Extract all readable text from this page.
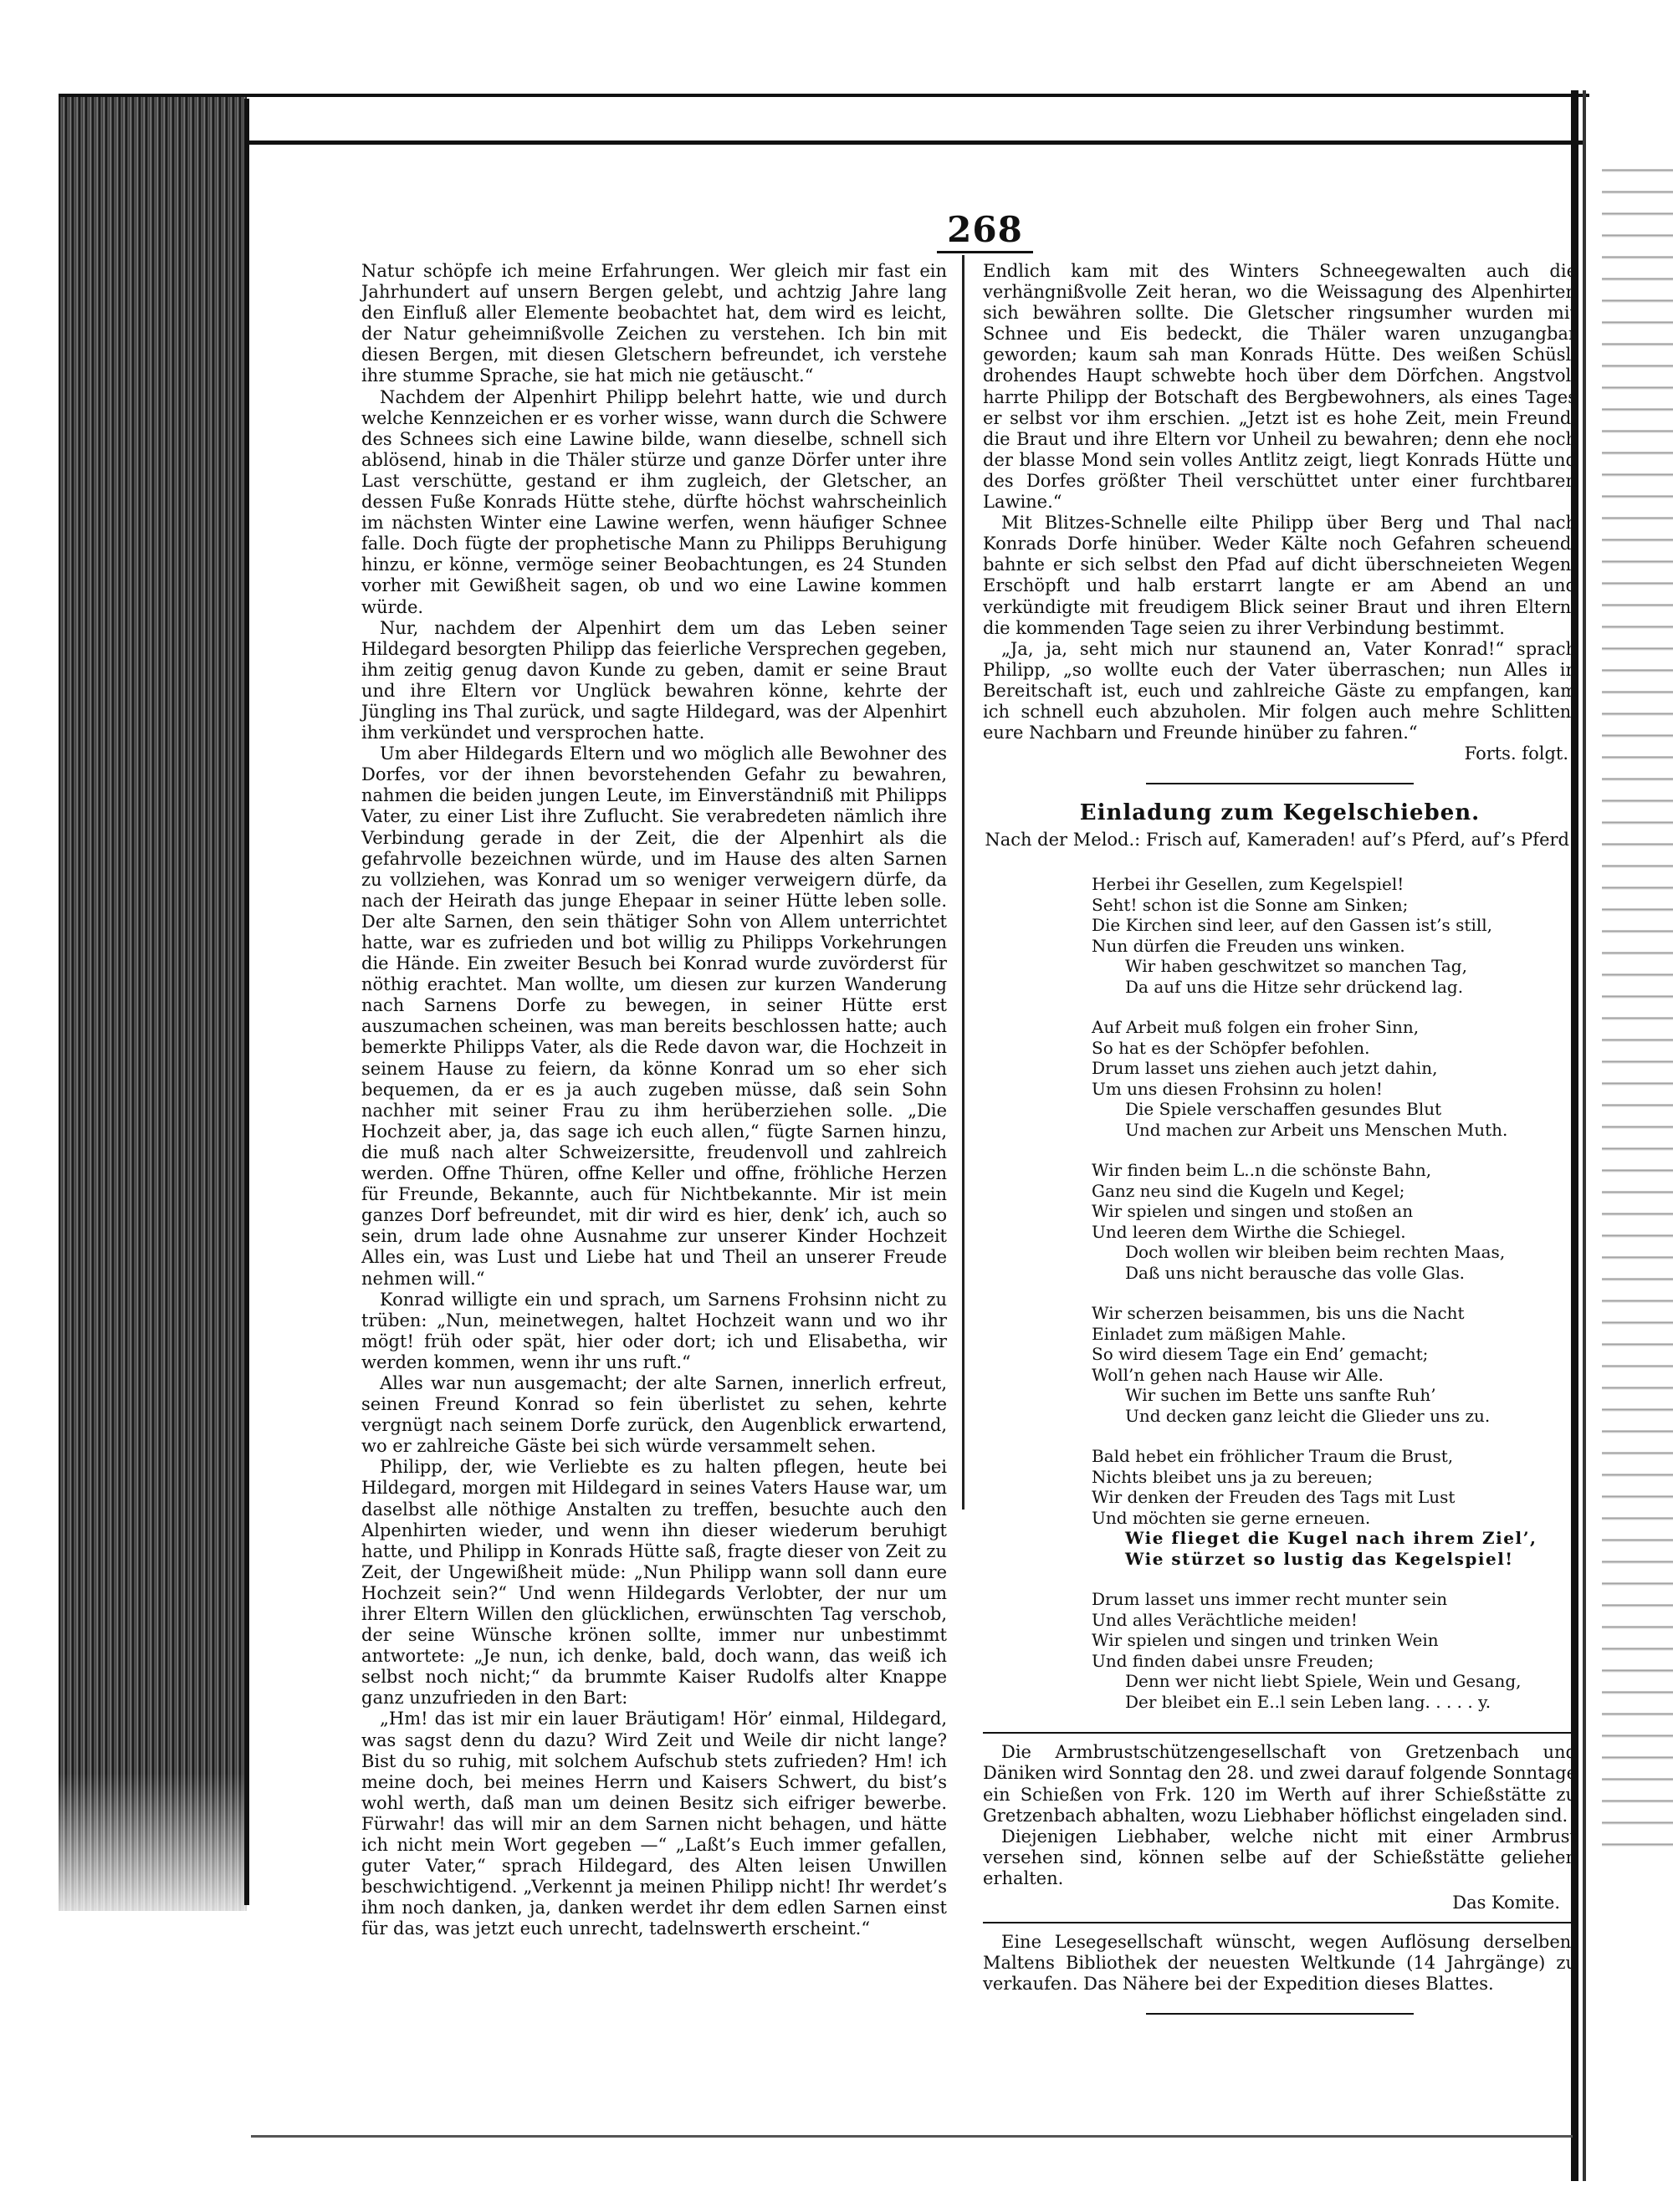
268

Natur schöpfe ich meine Erfahrungen. Wer gleich mir fast ein Jahrhundert auf unsern Bergen gelebt, und achtzig Jahre lang den Einfluß aller Elemente beobachtet hat, dem wird es leicht, der Natur geheimnißvolle Zeichen zu verstehen. Ich bin mit diesen Bergen, mit diesen Gletschern befreundet, ich verstehe ihre stumme Sprache, sie hat mich nie getäuscht.“

Nachdem der Alpenhirt Philipp belehrt hatte, wie und durch welche Kennzeichen er es vorher wisse, wann durch die Schwere des Schnees sich eine Lawine bilde, wann dieselbe, schnell sich ablösend, hinab in die Thäler stürze und ganze Dörfer unter ihre Last verschütte, gestand er ihm zugleich, der Gletscher, an dessen Fuße Konrads Hütte stehe, dürfte höchst wahrscheinlich im nächsten Winter eine Lawine werfen, wenn häufiger Schnee falle. Doch fügte der prophetische Mann zu Philipps Beruhigung hinzu, er könne, vermöge seiner Beobachtungen, es 24 Stunden vorher mit Gewißheit sagen, ob und wo eine Lawine kommen würde.

Nur, nachdem der Alpenhirt dem um das Leben seiner Hildegard besorgten Philipp das feierliche Versprechen gegeben, ihm zeitig genug davon Kunde zu geben, damit er seine Braut und ihre Eltern vor Unglück bewahren könne, kehrte der Jüngling ins Thal zurück, und sagte Hildegard, was der Alpenhirt ihm verkündet und versprochen hatte.

Um aber Hildegards Eltern und wo möglich alle Bewohner des Dorfes, vor der ihnen bevorstehenden Gefahr zu bewahren, nahmen die beiden jungen Leute, im Einverständniß mit Philipps Vater, zu einer List ihre Zuflucht. Sie verabredeten nämlich ihre Verbindung gerade in der Zeit, die der Alpenhirt als die gefahrvolle bezeichnen würde, und im Hause des alten Sarnen zu vollziehen, was Konrad um so weniger verweigern dürfe, da nach der Heirath das junge Ehepaar in seiner Hütte leben solle. Der alte Sarnen, den sein thätiger Sohn von Allem unterrichtet hatte, war es zufrieden und bot willig zu Philipps Vorkehrungen die Hände. Ein zweiter Besuch bei Konrad wurde zuvörderst für nöthig erachtet. Man wollte, um diesen zur kurzen Wanderung nach Sarnens Dorfe zu bewegen, in seiner Hütte erst auszumachen scheinen, was man bereits beschlossen hatte; auch bemerkte Philipps Vater, als die Rede davon war, die Hochzeit in seinem Hause zu feiern, da könne Konrad um so eher sich bequemen, da er es ja auch zugeben müsse, daß sein Sohn nachher mit seiner Frau zu ihm herüberziehen solle. „Die Hochzeit aber, ja, das sage ich euch allen,“ fügte Sarnen hinzu, die muß nach alter Schweizersitte, freudenvoll und zahlreich werden. Offne Thüren, offne Keller und offne, fröhliche Herzen für Freunde, Bekannte, auch für Nichtbekannte. Mir ist mein ganzes Dorf befreundet, mit dir wird es hier, denk’ ich, auch so sein, drum lade ohne Ausnahme zur unserer Kinder Hochzeit Alles ein, was Lust und Liebe hat und Theil an unserer Freude nehmen will.“

Konrad willigte ein und sprach, um Sarnens Frohsinn nicht zu trüben: „Nun, meinetwegen, haltet Hochzeit wann und wo ihr mögt! früh oder spät, hier oder dort; ich und Elisabetha, wir werden kommen, wenn ihr uns ruft.“

Alles war nun ausgemacht; der alte Sarnen, innerlich erfreut, seinen Freund Konrad so fein überlistet zu sehen, kehrte vergnügt nach seinem Dorfe zurück, den Augenblick erwartend, wo er zahlreiche Gäste bei sich würde versammelt sehen.

Philipp, der, wie Verliebte es zu halten pflegen, heute bei Hildegard, morgen mit Hildegard in seines Vaters Hause war, um daselbst alle nöthige Anstalten zu treffen, besuchte auch den Alpenhirten wieder, und wenn ihn dieser wiederum beruhigt hatte, und Philipp in Konrads Hütte saß, fragte dieser von Zeit zu Zeit, der Ungewißheit müde: „Nun Philipp wann soll dann eure Hochzeit sein?“ Und wenn Hildegards Verlobter, der nur um ihrer Eltern Willen den glücklichen, erwünschten Tag verschob, der seine Wünsche krönen sollte, immer nur unbestimmt antwortete: „Je nun, ich denke, bald, doch wann, das weiß ich selbst noch nicht;“ da brummte Kaiser Rudolfs alter Knappe ganz unzufrieden in den Bart:

„Hm! das ist mir ein lauer Bräutigam! Hör’ einmal, Hildegard, was sagst denn du dazu? Wird Zeit und Weile dir nicht lange? Bist du so ruhig, mit solchem Aufschub stets zufrieden? Hm! ich meine doch, bei meines Herrn und Kaisers Schwert, du bist’s wohl werth, daß man um deinen Besitz sich eifriger bewerbe. Fürwahr! das will mir an dem Sarnen nicht behagen, und hätte ich nicht mein Wort gegeben —“ „Laßt’s Euch immer gefallen, guter Vater,“ sprach Hildegard, des Alten leisen Unwillen beschwichtigend. „Verkennt ja meinen Philipp nicht! Ihr werdet’s ihm noch danken, ja, danken werdet ihr dem edlen Sarnen einst für das, was jetzt euch unrecht, tadelnswerth erscheint.“

Endlich kam mit des Winters Schneegewalten auch die verhängnißvolle Zeit heran, wo die Weissagung des Alpenhirten sich bewähren sollte. Die Gletscher ringsumher wurden mit Schnee und Eis bedeckt, die Thäler waren unzugangbar geworden; kaum sah man Konrads Hütte. Des weißen Schüsli drohendes Haupt schwebte hoch über dem Dörfchen. Angstvoll harrte Philipp der Botschaft des Bergbewohners, als eines Tages er selbst vor ihm erschien. „Jetzt ist es hohe Zeit, mein Freund, die Braut und ihre Eltern vor Unheil zu bewahren; denn ehe noch der blasse Mond sein volles Antlitz zeigt, liegt Konrads Hütte und des Dorfes größter Theil verschüttet unter einer furchtbaren Lawine.“

Mit Blitzes-Schnelle eilte Philipp über Berg und Thal nach Konrads Dorfe hinüber. Weder Kälte noch Gefahren scheuend, bahnte er sich selbst den Pfad auf dicht überschneieten Wegen. Erschöpft und halb erstarrt langte er am Abend an und verkündigte mit freudigem Blick seiner Braut und ihren Eltern, die kommenden Tage seien zu ihrer Verbindung bestimmt.

„Ja, ja, seht mich nur staunend an, Vater Konrad!“ sprach Philipp, „so wollte euch der Vater überraschen; nun Alles in Bereitschaft ist, euch und zahlreiche Gäste zu empfangen, kam ich schnell euch abzuholen. Mir folgen auch mehre Schlitten, eure Nachbarn und Freunde hinüber zu fahren.“

Forts. folgt.

Einladung zum Kegelschieben.
Nach der Melod.: Frisch auf, Kameraden! auf’s Pferd, auf’s Pferd.
Herbei ihr Gesellen, zum Kegelspiel!
Seht! schon ist die Sonne am Sinken;
Die Kirchen sind leer, auf den Gassen ist’s still,
Nun dürfen die Freuden uns winken.
Wir haben geschwitzet so manchen Tag,
Da auf uns die Hitze sehr drückend lag.
Auf Arbeit muß folgen ein froher Sinn,
So hat es der Schöpfer befohlen.
Drum lasset uns ziehen auch jetzt dahin,
Um uns diesen Frohsinn zu holen!
Die Spiele verschaffen gesundes Blut
Und machen zur Arbeit uns Menschen Muth.
Wir finden beim L..n die schönste Bahn,
Ganz neu sind die Kugeln und Kegel;
Wir spielen und singen und stoßen an
Und leeren dem Wirthe die Schiegel.
Doch wollen wir bleiben beim rechten Maas,
Daß uns nicht berausche das volle Glas.
Wir scherzen beisammen, bis uns die Nacht
Einladet zum mäßigen Mahle.
So wird diesem Tage ein End’ gemacht;
Woll’n gehen nach Hause wir Alle.
Wir suchen im Bette uns sanfte Ruh’
Und decken ganz leicht die Glieder uns zu.
Bald hebet ein fröhlicher Traum die Brust,
Nichts bleibet uns ja zu bereuen;
Wir denken der Freuden des Tags mit Lust
Und möchten sie gerne erneuen.
Wie flieget die Kugel nach ihrem Ziel’,
Wie stürzet so lustig das Kegelspiel!
Drum lasset uns immer recht munter sein
Und alles Verächtliche meiden!
Wir spielen und singen und trinken Wein
Und finden dabei unsre Freuden;
Denn wer nicht liebt Spiele, Wein und Gesang,
Der bleibet ein E..l sein Leben lang. . . . . y.

Die Armbrustschützengesellschaft von Gretzenbach und Däniken wird Sonntag den 28. und zwei darauf folgende Sonntage ein Schießen von Frk. 120 im Werth auf ihrer Schießstätte zu Gretzenbach abhalten, wozu Liebhaber höflichst eingeladen sind.

Diejenigen Liebhaber, welche nicht mit einer Armbrust versehen sind, können selbe auf der Schießstätte geliehen erhalten.

Das Komite.

Eine Lesegesellschaft wünscht, wegen Auflösung derselben, Maltens Bibliothek der neuesten Weltkunde (14 Jahrgänge) zu verkaufen. Das Nähere bei der Expedition dieses Blattes.
